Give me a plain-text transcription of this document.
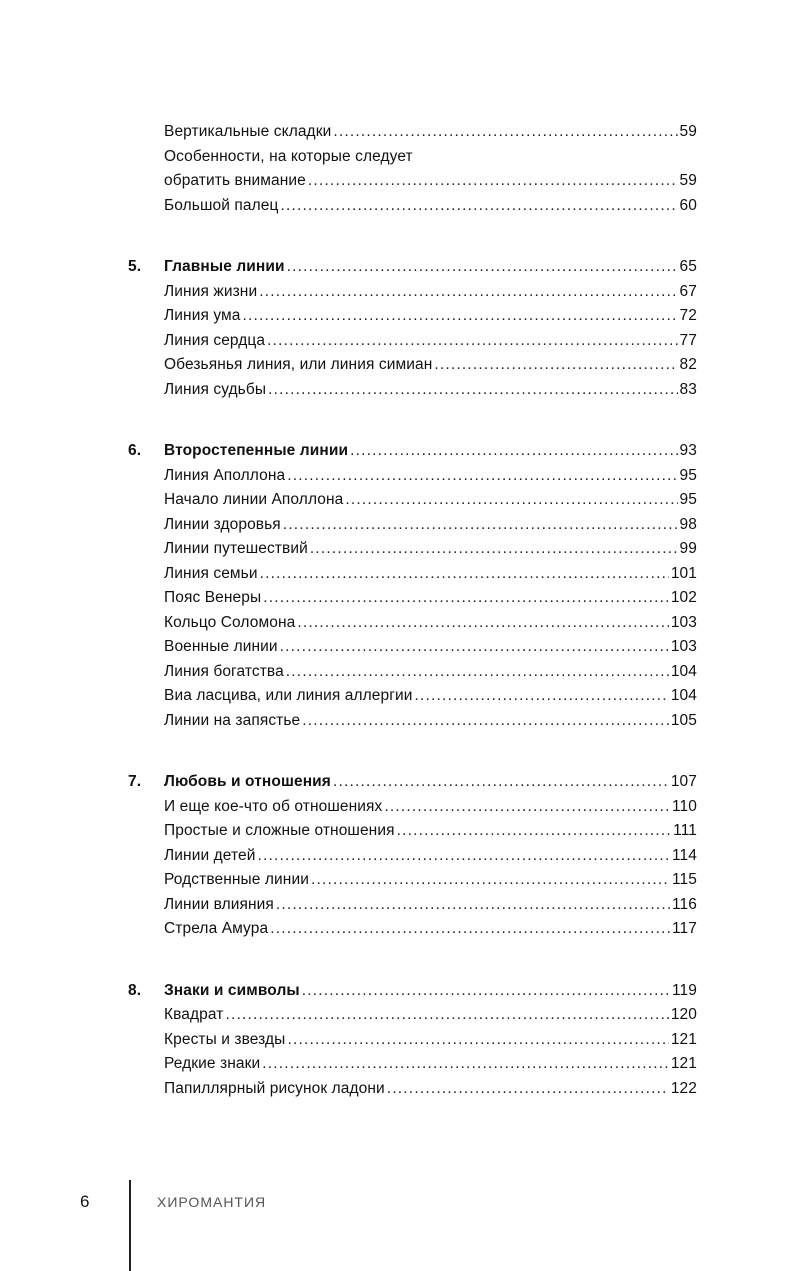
Вертикальные складки .....	59
Особенности, на которые следует
обратить внимание .....	59
Большой палец .....	60
5.	Главные линии .....	65
Линия жизни .....	67
Линия ума .....	72
Линия сердца .....	77
Обезьянья линия, или линия симиан .....	82
Линия судьбы .....	83
6.	Второстепенные линии .....	93
Линия Аполлона .....	95
Начало линии Аполлона .....	95
Линии здоровья .....	98
Линии путешествий .....	99
Линия семьи .....	101
Пояс Венеры .....	102
Кольцо Соломона .....	103
Военные линии .....	103
Линия богатства .....	104
Виа ласцива, или линия аллергии .....	104
Линии на запястье .....	105
7.	Любовь и отношения .....	107
И еще кое-что об отношениях .....	110
Простые и сложные отношения .....	111
Линии детей .....	114
Родственные линии .....	115
Линии влияния .....	116
Стрела Амура .....	117
8.	Знаки и символы .....	119
Квадрат .....	120
Кресты и звезды .....	121
Редкие знаки .....	121
Папиллярный рисунок ладони .....	122
6	ХИРОМАНТИЯ
